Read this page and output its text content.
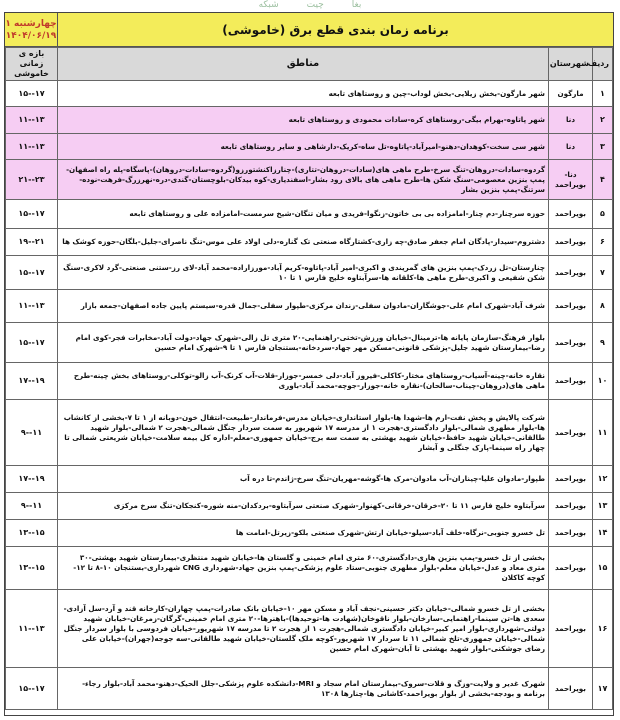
بغا
چیت
شبکه
برنامه زمان بندی قطع برق (خاموشی)
چهارشنبه ۱
۱۴۰۴/۰۶/۱۹
ردیف	شهرستان	مناطق	بازه ی زمانی خاموشی
۱	مارگون	شهر مارگون-بخش زیلایی-بخش لوداب-چین و روستاهای تابعه	۱۷--۱۵
۲	دنا	شهر پاتاوه-بهرام بیگی-روستاهای کره-سادات محمودی و روستاهای تابعه	۱۳--۱۱
۳	دنا	شهر سی سخت-کوهدان-دهنو-امیرآباد-پاتاوه-تل ساه-کریک-دارشاهی و سایر روستاهای تابعه	۱۳--۱۱
۴	دنا-بویراحمد	گردوه-سادات-دروهان-تنگ سرخ-طرح ماهی های(سادات-دروهان-تتاری)-چنارزاکنشتورزو(گردوه-سادات-دروهان)-پاسگاه-پله راه اصفهان-پمپ بنزین معصومی-سنگ شکن ها-طرح ماهی های بالای رود بشار-اسفندیاری-کوه بیدکان-بلوچستان-گندی-دره-نهرزرگ-فرهت-نوده-سرتنگ-پمپ بنزین بشار	۲۳--۲۱
۵	بویراحمد	حوزه سرچنار-دم چنار-امامزاده بی بی خاتون-زنگوا-فریدی و میان تنگان-شیخ سرمست-امامزاده علی و روستاهای تابعه	۱۷--۱۵
۶	بویراحمد	دشتروم-سیدار-پادگان امام جعفر صادق-چه زاری-کشتارگاه صنعتی تک گناره-دلی اولاد علی موس-تنگ ناصرای-جلیل-بلگان-حوزه کوشک ها	۲۱--۱۹
۷	بویراحمد	چنارستان-تل زردک-پمپ بنزین های گمریندی و اکبری-امیر آباد-پاتاوه-کریم آباد-مورزاراده-محمد آباد-لای رز-ستنی صنعتی-گرد لاکری-سنگ شکن شفیعی و اکبری-طرح ماهی ها-کلقانه ها-سرآبتاوه خلیج فارس ۱ تا ۱۰	۱۷--۱۵
۸	بویراحمد	شرف آباد-شهرک امام علی-جوشگاران-مادوان سفلی-زندان مرکزی-طپوار سفلی-جمال قدره-سیستم پایین جاده اصفهان-جمعه بازار	۱۳--۱۱
۹	بویراحمد	بلوار فرهنگ-سازمان پایانه ها-ترمینال-خیابان ورزش-تختی-راهنمایی-۲۰ متری تل زالی-شهرک جهاد-دولت آباد-مخابرات فجر-کوی امام رضا-بیمارستان شهید جلیل-پزشکی قانونی-مسکن مهر جهاد-سردخانه-بستنجان فارس ۱ تا ۹-شهرک امام حسین	۱۷--۱۵
۱۰	بویراحمد	نقاره خانه-چینه-آسیاب-روستاهای مختار-کاکلی-فیروز آباد-دلی خمسر-جوزار-قلات-آب کرنک-آب زالو-توکلی-روستاهای بخش چینه-طرح ماهی های(دروهان-چیناب-سالحان)-نقاره خانه-جوزار-جوچه-محمد آباد-باوری	۱۹--۱۷
۱۱	بویراحمد	شرکت پالایش و پخش نفت-ارم ها-شهدا ها-بلوار استانداری-خیابان مدرس-فرماندار-طبیعت-انتقال خون-دوبانه از ۱ تا ۷-بخشی از کانشاب ها-بلوار مطهری شمالی-بلوار دادگستری-هجرت ۱ از مدرسه ۱۷ شهریور به سمت سردار جنگل شمالی-هجرت ۲ شمالی-بلوار شهید طالقانی-خیابان شهید حافظ-خیابان شهید بهشتی به سمت سه برج-خیابان جمهوری-معلم-اداره کل بیمه سلامت-خیابان شریعتی شمالی تا چهار راه سینما-پارک جنگلی و آبشار	۱۱--۹
۱۲	بویراحمد	طپوار-مادوان علیا-چیناران-آب مادوان-مرک ها-گوشه-مهریان-تنگ سرخ-ژاندم-تا دره آب	۱۹--۱۷
۱۳	بویراحمد	سرآبتاوه خلیج فارس ۱۱ تا ۲۰-خرقان-خرقانی-کهنوار-شهرک صنعتی سرآبتاوه-بردکدان-منه شوره-کنجکان-تنگ سرخ مرکزی	۱۱--۹
۱۴	بویراحمد	تل خسرو جنوبی-نرگاه-خلف آباد-سیلو-خیابان ارتش-شهرک صنعتی بلکو-زیرتل-امامت ها	۱۵--۱۳
۱۵	بویراحمد	بخشی از تل خسرو-پمپ بنزین هاری-دادگستری-۶۰ متری امام خمینی و گلستان ها-خیابان شهید منتظری-بیمارستان شهید بهشتی-۳۰ متری معاد و عدل-خیابان معلم-بلوار مطهری جنوبی-ستاد علوم پزشکی-پمپ بنزین جهاد-شهرداری CNG شهرداری-بستنجان ۱۰-۸ تا ۱۲-کوچه کاکلان	۱۵--۱۳
۱۶	بویراحمد	بخشی از تل خسرو شمالی-خیابان دکتر حسینی-نجف آباد و مسکن مهر ۱۰-خیابان بانک صادرات-پمپ چهاران-کارخانه قند و آرد-سل آزادی-سعدی ها-تن سینما-راهنمایی-سارخان-بلوار ناقوخان(شهادت ها-توحیدها)-باهنرها-۲۰ متری امام خمینی-گرگان-زمرغان-خیابان شهید دولتی-شهرداری-بلوار امیر کبیر-خیابان دادگستری شمالی-هجرت ۱ از هجرت ۲ تا مدرسه ۱۷ شهریور-خیابان فردوسی با بلوار سردار جنگل شمالی-خیابان جمهوری-تلخ شمالی ۱۱ تا سردار ۱۷ شهریور-کوچه ملک گلستان-خیابان شهید طالقانی-سه جوجه(جهران)-خیابان علی رضای جوشکنی-بلوار شهید بهشتی تا آبان-شهرک امام حسین	۱۳--۱۱
۱۷	بویراحمد	شهرک غدیر و ولایت-وزگ و قلات-سروک-بیمارستان امام سجاد و MRI-دانشکده علوم پزشکی-جلل الحیک-دهنو-محمد آباد-بلوار رجاء-برنامه و بودجه-بخشی از بلوار بویراحمد-کاشانی ها-چنارها ۱۳۰۸	۱۷--۱۵
